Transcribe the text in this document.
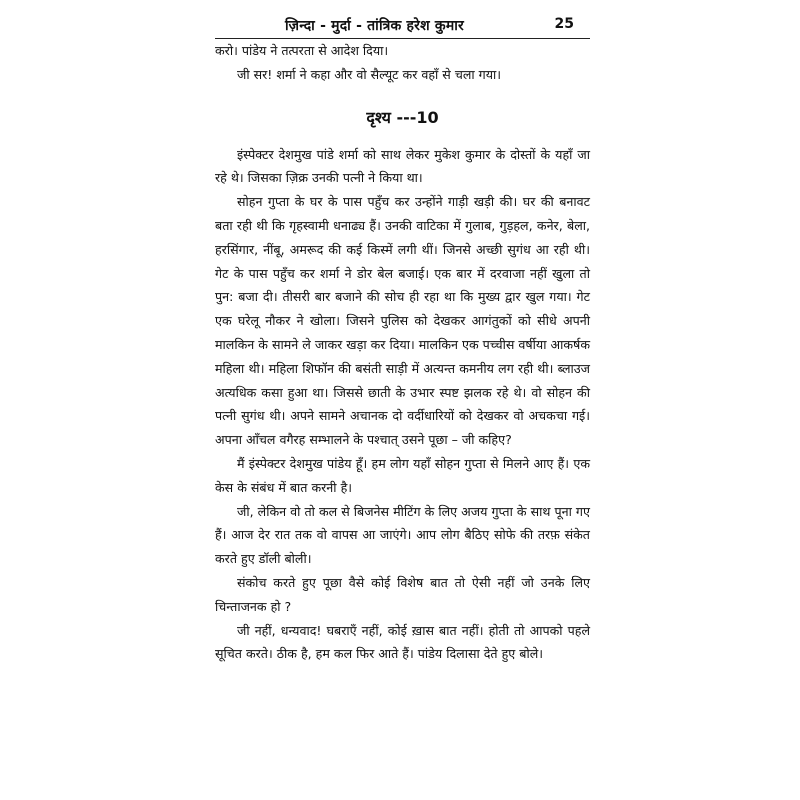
ज़िन्दा - मुर्दा - तांत्रिक हरेश कुमार	25

करो। पांडेय ने तत्परता से आदेश दिया।

जी सर! शर्मा ने कहा और वो सैल्यूट कर वहाँ से चला गया।

दृश्य ---10

इंस्पेक्टर देशमुख पांडे शर्मा को साथ लेकर मुकेश कुमार के दोस्तों के यहाँ जा रहे थे। जिसका ज़िक्र उनकी पत्नी ने किया था।

सोहन गुप्ता के घर के पास पहुँच कर उन्होंने गाड़ी खड़ी की। घर की बनावट बता रही थी कि गृहस्वामी धनाढ्य हैं। उनकी वाटिका में गुलाब, गुड़हल, कनेर, बेला, हरसिंगार, नींबू, अमरूद की कई किस्में लगी थीं। जिनसे अच्छी सुगंध आ रही थी। गेट के पास पहुँच कर शर्मा ने डोर बेल बजाई। एक बार में दरवाजा नहीं खुला तो पुन: बजा दी। तीसरी बार बजाने की सोच ही रहा था कि मुख्य द्वार खुल गया। गेट एक घरेलू नौकर ने खोला। जिसने पुलिस को देखकर आगंतुकों को सीधे अपनी मालकिन के सामने ले जाकर खड़ा कर दिया। मालकिन एक पच्चीस वर्षीया आकर्षक महिला थी। महिला शिफॉन की बसंती साड़ी में अत्यन्त कमनीय लग रही थी। ब्लाउज अत्यधिक कसा हुआ था। जिससे छाती के उभार स्पष्ट झलक रहे थे। वो सोहन की पत्नी सुगंध थी। अपने सामने अचानक दो वर्दीधारियों को देखकर वो अचकचा गई। अपना आँचल वगैरह सम्भालने के पश्चात् उसने पूछा – जी कहिए?

मैं इंस्पेक्टर देशमुख पांडेय हूँ। हम लोग यहाँ सोहन गुप्ता से मिलने आए हैं। एक केस के संबंध में बात करनी है।

जी, लेकिन वो तो कल से बिजनेस मीटिंग के लिए अजय गुप्ता के साथ पूना गए हैं। आज देर रात तक वो वापस आ जाएंगे। आप लोग बैठिए सोफे की तरफ़ संकेत करते हुए डॉली बोली।

संकोच करते हुए पूछा वैसे कोई विशेष बात तो ऐसी नहीं जो उनके लिए चिन्ताजनक हो ?

जी नहीं, धन्यवाद! घबराएँ नहीं, कोई ख़ास बात नहीं। होती तो आपको पहले सूचित करते। ठीक है, हम कल फिर आते हैं। पांडेय दिलासा देते हुए बोले।
